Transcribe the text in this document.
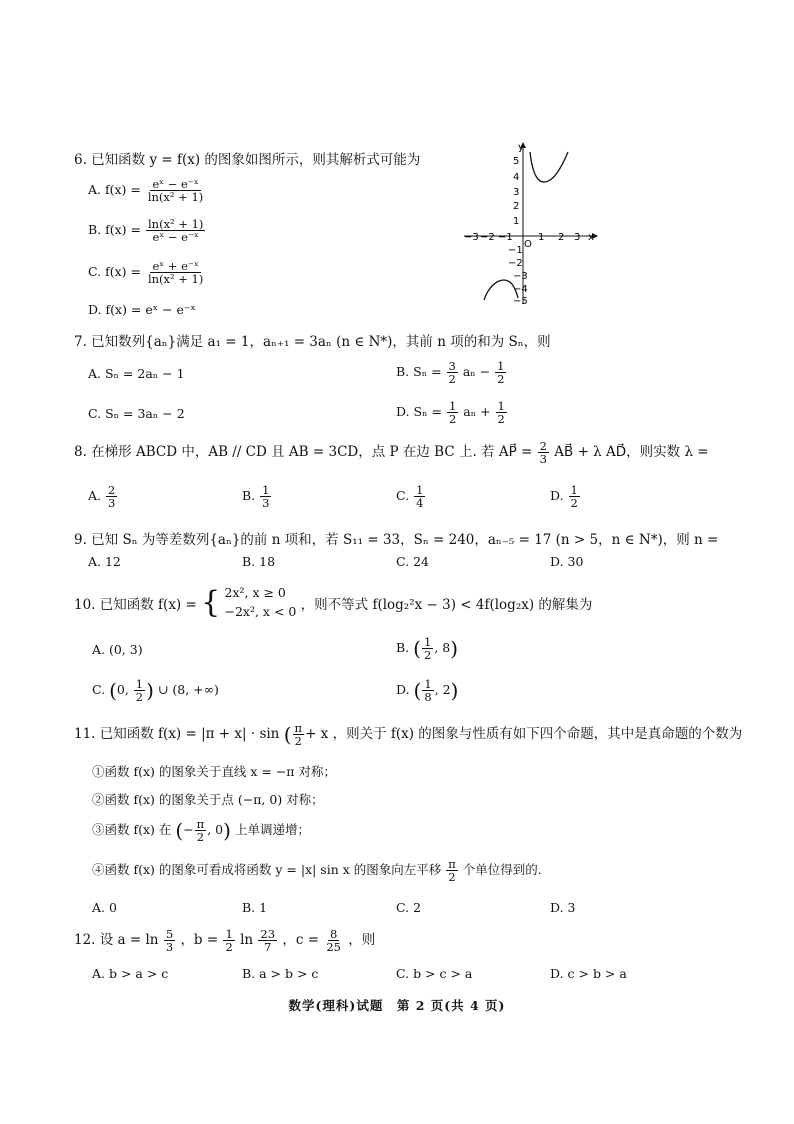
6. 已知函数 y = f(x) 的图象如图所示，则其解析式可能为
A. $f(x) = \frac{\text{eˣ − e⁻ˣ}}{\text{ln(x² + 1)}}$
B. $f(x) = \frac{\text{ln(x² + 1)}}{\text{eˣ − e⁻ˣ}}$
C. $f(x) = \frac{\text{eˣ + e⁻ˣ}}{\text{ln(x² + 1)}}$
D. f(x) = eˣ − e⁻ˣ
y
x
O
5
4
3
2
1
−1
−2
−3
−4
−5
−3 −2 −1	1 2 3
7. 已知数列{aₙ}满足 a₁ = 1，aₙ₊₁ = 3aₙ (n ∈ N*)，其前 n 项的和为 Sₙ，则
A. Sₙ = 2aₙ − 1	B. $S_n = \frac{3}{2}$ $a_n - \frac{1}{2}$
C. Sₙ = 3aₙ − 2	D. $S_n = \frac{1}{2}$ $a_n + \frac{1}{2}$
8. 在梯形 ABCD 中，AB // CD 且 AB = 3CD，点 P 在边 BC 上. 若 AP⃗ = $\frac{2}{3}$ AB⃗ + λ AD⃗，则实数 λ =
A. $\frac{2}{3}$	B. $\frac{1}{3}$	C. $\frac{1}{4}$	D. $\frac{1}{2}$
9. 已知 Sₙ 为等差数列{aₙ}的前 n 项和，若 S₁₁ = 33，Sₙ = 240，aₙ₋₅ = 17 (n > 5，n ∈ N*)，则 n =
A. 12	B. 18	C. 24	D. 30
10. 已知函数 f(x) = { 2x², x ≥ 0
−2x², x < 0 ，则不等式 f(log₂²x − 3) < 4f(log₂x) 的解集为
A. (0, 3)	B. ( $\frac{1}{2}$ , 8)
C. (0, $\frac{1}{2}$ ) ∪ (8, +∞)	D. ( $\frac{1}{8}$ , 2)
11. 已知函数 f(x) = |π + x| · sin ( $\frac{\pi}{2} + x$ ，则关于 f(x) 的图象与性质有如下四个命题，其中是真命题的个数为
①函数 f(x) 的图象关于直线 x = −π 对称；
②函数 f(x) 的图象关于点 (−π, 0) 对称；
③函数 f(x) 在 (− $\frac{\pi}{2}$ , 0) 上单调递增；
④函数 f(x) 的图象可看成将函数 y = |x| sin x 的图象向左平移 $\frac{\pi}{2}$ 个单位得到的.
A. 0	B. 1	C. 2	D. 3
12. 设 $a = \ln \frac{5}{3}$ ，$b = \frac{1}{2}$ $\ln \frac{23}{7}$ ，$c = \frac{8}{25}$ ，则
A. b > a > c	B. a > b > c	C. b > c > a	D. c > b > a
数学(理科)试题　第 2 页(共 4 页)
